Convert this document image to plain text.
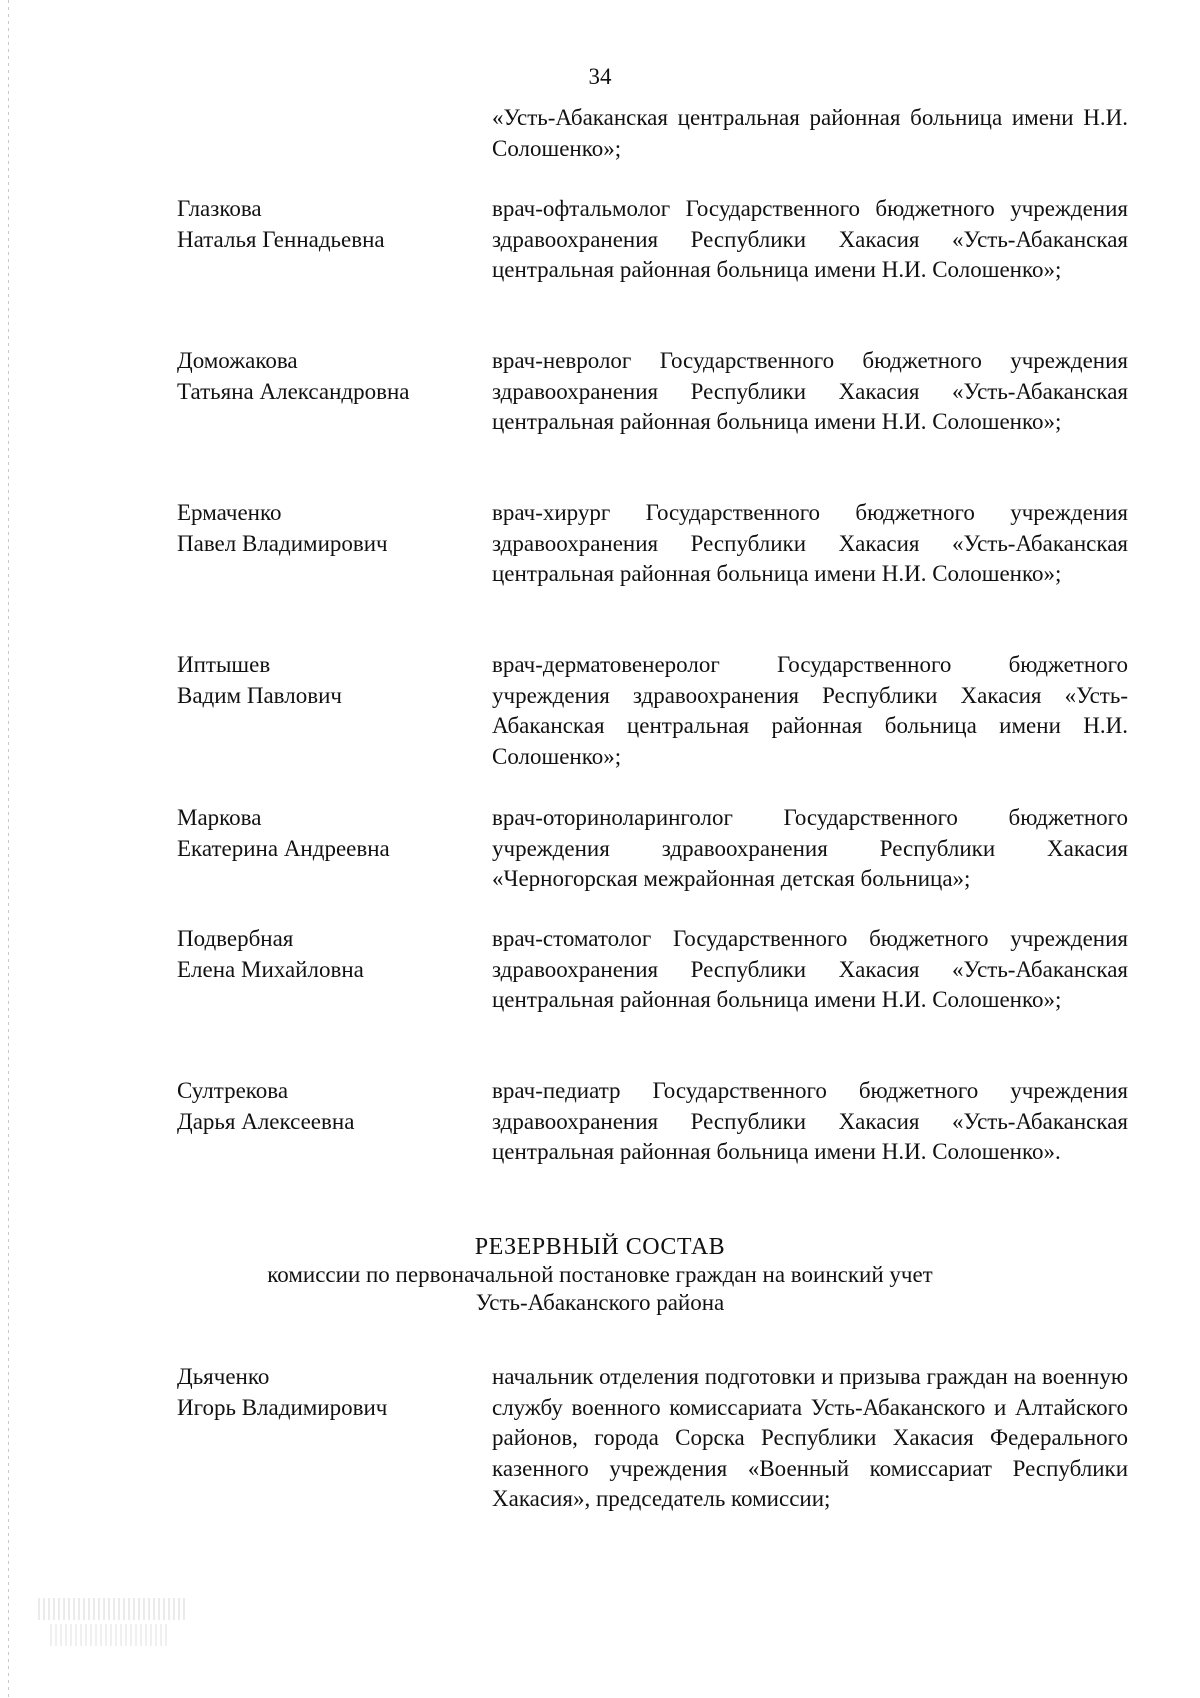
34
«Усть-Абаканская центральная районная больница имени Н.И. Солошенко»;
Глазкова
Наталья Геннадьевна
врач-офтальмолог Государственного бюджетного учреждения здравоохранения Республики Хакасия «Усть-Абаканская центральная районная больница имени Н.И. Солошенко»;
Доможакова
Татьяна Александровна
врач-невролог Государственного бюджетного учреждения здравоохранения Республики Хакасия «Усть-Абаканская центральная районная больница имени Н.И. Солошенко»;
Ермаченко
Павел Владимирович
врач-хирург Государственного бюджетного учреждения здравоохранения Республики Хакасия «Усть-Абаканская центральная районная больница имени Н.И. Солошенко»;
Иптышев
Вадим Павлович
врач-дерматовенеролог Государственного бюджетного учреждения здравоохранения Республики Хакасия «Усть-Абаканская центральная районная больница имени Н.И. Солошенко»;
Маркова
Екатерина Андреевна
врач-оториноларинголог Государственного бюджетного учреждения здравоохранения Республики Хакасия «Черногорская межрайонная детская больница»;
Подвербная
Елена Михайловна
врач-стоматолог Государственного бюджетного учреждения здравоохранения Республики Хакасия «Усть-Абаканская центральная районная больница имени Н.И. Солошенко»;
Султрекова
Дарья Алексеевна
врач-педиатр Государственного бюджетного учреждения здравоохранения Республики Хакасия «Усть-Абаканская центральная районная больница имени Н.И. Солошенко».
РЕЗЕРВНЫЙ СОСТАВ
комиссии по первоначальной постановке граждан на воинский учет
Усть-Абаканского района
Дьяченко
Игорь Владимирович
начальник отделения подготовки и призыва граждан на военную службу военного комиссариата Усть-Абаканского и Алтайского районов, города Сорска Республики Хакасия Федерального казенного учреждения «Военный комиссариат Республики Хакасия», председатель комиссии;
